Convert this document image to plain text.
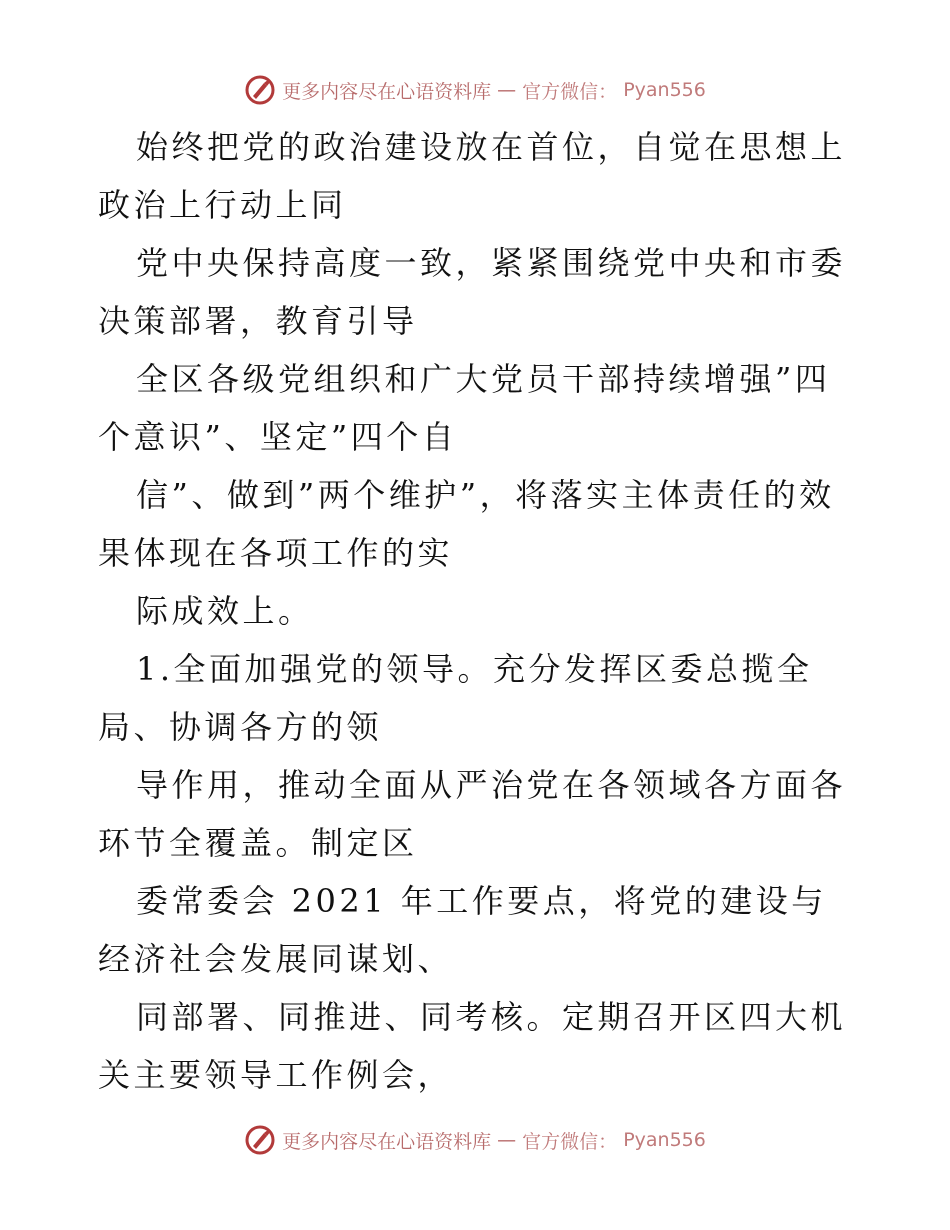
更多内容尽在心语资料库 — 官方微信： Pyan556

始终把党的政治建设放在首位，自觉在思想上政治上行动上同

党中央保持高度一致，紧紧围绕党中央和市委决策部署，教育引导

全区各级党组织和广大党员干部持续增强”四个意识”、坚定”四个自

信”、做到”两个维护”，将落实主体责任的效果体现在各项工作的实

际成效上。

1.全面加强党的领导。充分发挥区委总揽全局、协调各方的领

导作用，推动全面从严治党在各领域各方面各环节全覆盖。制定区

委常委会 2021 年工作要点，将党的建设与经济社会发展同谋划、

同部署、同推进、同考核。定期召开区四大机关主要领导工作例会，

更多内容尽在心语资料库 — 官方微信： Pyan556
